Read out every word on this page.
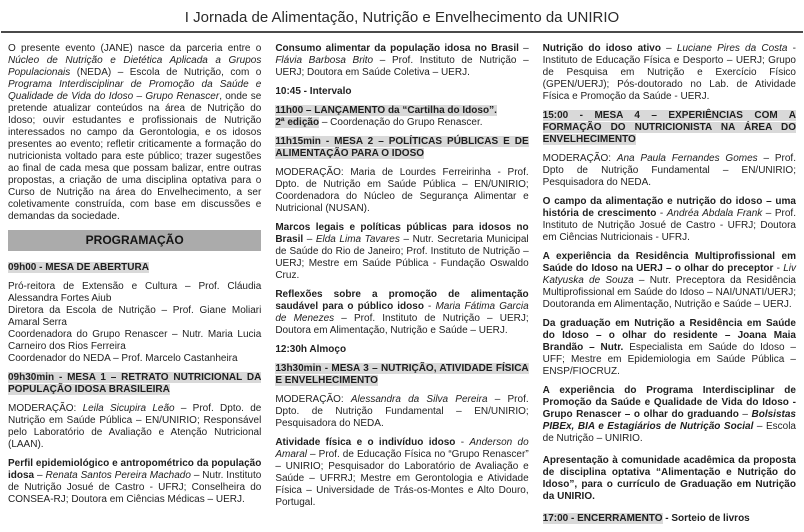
I Jornada de Alimentação, Nutrição e Envelhecimento da UNIRIO

O presente evento (JANE) nasce da parceria entre o Núcleo de Nutrição e Dietética Aplicada a Grupos Populacionais (NEDA) – Escola de Nutrição, com o Programa Interdisciplinar de Promoção da Saúde e Qualidade de Vida do Idoso – Grupo Renascer, onde se pretende atualizar conteúdos na área de Nutrição do Idoso; ouvir estudantes e profissionais de Nutrição interessados no campo da Gerontologia, e os idosos presentes ao evento; refletir criticamente a formação do nutricionista voltado para este público; trazer sugestões ao final de cada mesa que possam balizar, entre outras propostas, a criação de uma disciplina optativa para o Curso de Nutrição na área do Envelhecimento, a ser coletivamente construída, com base em discussões e demandas da sociedade.

PROGRAMAÇÃO

09h00 - MESA DE ABERTURA

Pró-reitora de Extensão e Cultura – Prof. Cláudia Alessandra Fortes Aiub
Diretora da Escola de Nutrição – Prof. Giane Moliari Amaral Serra
Coordenadora do Grupo Renascer – Nutr. Maria Lucia Carneiro dos Rios Ferreira
Coordenador do NEDA – Prof. Marcelo Castanheira

09h30min - MESA 1 – RETRATO NUTRICIONAL DA POPULAÇÃO IDOSA BRASILEIRA

MODERAÇÃO: Leila Sicupira Leão – Prof. Dpto. de Nutrição em Saúde Pública – EN/UNIRIO; Responsável pelo Laboratório de Avaliação e Atenção Nutricional (LAAN).

Perfil epidemiológico e antropométrico da população idosa – Renata Santos Pereira Machado – Nutr. Instituto de Nutrição Josué de Castro - UFRJ; Conselheira do CONSEA-RJ; Doutora em Ciências Médicas – UERJ.

Consumo alimentar da população idosa no Brasil – Flávia Barbosa Brito – Prof. Instituto de Nutrição – UERJ; Doutora em Saúde Coletiva – UERJ.

10:45 - Intervalo

11h00 – LANÇAMENTO da “Cartilha do Idoso”.
2ª edição – Coordenação do Grupo Renascer.

11h15min - MESA 2 – POLÍTICAS PÚBLICAS E DE ALIMENTAÇÃO PARA O IDOSO

MODERAÇÃO: Maria de Lourdes Ferreirinha - Prof. Dpto. de Nutrição em Saúde Pública – EN/UNIRIO; Coordenadora do Núcleo de Segurança Alimentar e Nutricional (NUSAN).

Marcos legais e políticas públicas para idosos no Brasil – Elda Lima Tavares – Nutr. Secretaria Municipal de Saúde do Rio de Janeiro; Prof. Instituto de Nutrição – UERJ; Mestre em Saúde Pública - Fundação Oswaldo Cruz.

Reflexões sobre a promoção de alimentação saudável para o público idoso - Maria Fátima Garcia de Menezes – Prof. Instituto de Nutrição – UERJ; Doutora em Alimentação, Nutrição e Saúde – UERJ.

12:30h Almoço

13h30min - MESA 3 – NUTRIÇÃO, ATIVIDADE FÍSICA E ENVELHECIMENTO

MODERAÇÃO: Alessandra da Silva Pereira – Prof. Dpto. de Nutrição Fundamental – EN/UNIRIO; Pesquisadora do NEDA.

Atividade física e o indivíduo idoso - Anderson do Amaral – Prof. de Educação Física no “Grupo Renascer” – UNIRIO; Pesquisador do Laboratório de Avaliação e Saúde – UFRRJ; Mestre em Gerontologia e Atividade Física – Universidade de Trás-os-Montes e Alto Douro, Portugal.

Nutrição do idoso ativo – Luciane Pires da Costa - Instituto de Educação Física e Desporto – UERJ; Grupo de Pesquisa em Nutrição e Exercício Físico (GPEN/UERJ); Pós-doutorado no Lab. de Atividade Física e Promoção da Saúde - UERJ.

15:00 - MESA 4 – EXPERIÊNCIAS COM A FORMAÇÃO DO NUTRICIONISTA NA ÁREA DO ENVELHECIMENTO

MODERAÇÃO: Ana Paula Fernandes Gomes – Prof. Dpto de Nutrição Fundamental – EN/UNIRIO; Pesquisadora do NEDA.

O campo da alimentação e nutrição do idoso – uma história de crescimento - Andréa Abdala Frank – Prof. Instituto de Nutrição Josué de Castro - UFRJ; Doutora em Ciências Nutricionais - UFRJ.

A experiência da Residência Multiprofissional em Saúde do Idoso na UERJ – o olhar do preceptor - Liv Katyuska de Souza – Nutr. Preceptora da Residência Multiprofissional em Saúde do Idoso – NAI/UNATI/UERJ; Doutoranda em Alimentação, Nutrição e Saúde – UERJ.

Da graduação em Nutrição a Residência em Saúde do Idoso – o olhar do residente – Joana Maia Brandão – Nutr. Especialista em Saúde do Idoso – UFF; Mestre em Epidemiologia em Saúde Pública – ENSP/FIOCRUZ.

A experiência do Programa Interdisciplinar de Promoção da Saúde e Qualidade de Vida do Idoso - Grupo Renascer – o olhar do graduando – Bolsistas PIBEx, BIA e Estagiários de Nutrição Social – Escola de Nutrição – UNIRIO.

Apresentação à comunidade acadêmica da proposta de disciplina optativa “Alimentação e Nutrição do Idoso”, para o currículo de Graduação em Nutrição da UNIRIO.

17:00 - ENCERRAMENTO - Sorteio de livros
